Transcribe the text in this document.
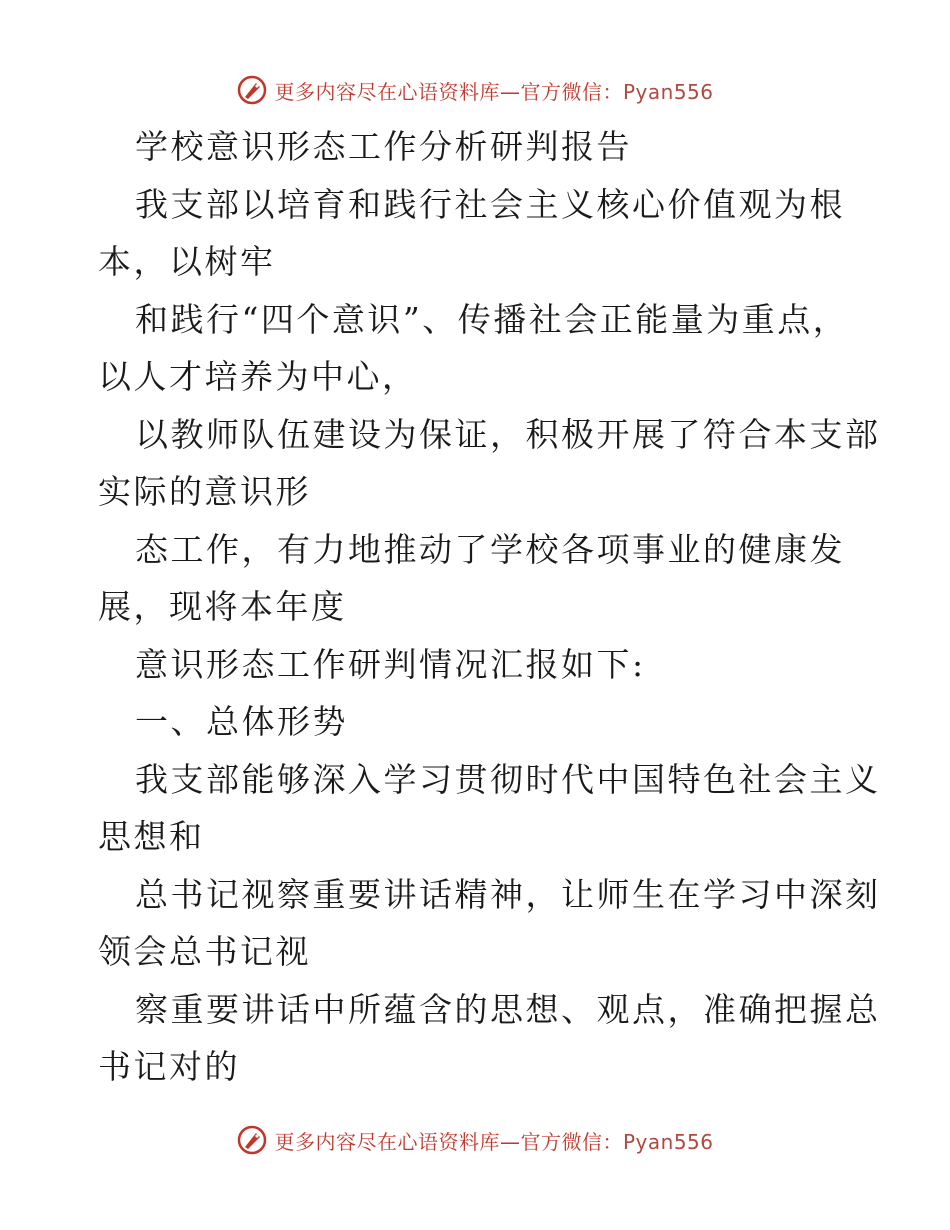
更多内容尽在心语资料库—官方微信：Pyan556
学校意识形态工作分析研判报告
我支部以培育和践行社会主义核心价值观为根
本，以树牢
和践行“四个意识”、传播社会正能量为重点，
以人才培养为中心，
以教师队伍建设为保证，积极开展了符合本支部
实际的意识形
态工作，有力地推动了学校各项事业的健康发
展，现将本年度
意识形态工作研判情况汇报如下:
一、总体形势
我支部能够深入学习贯彻时代中国特色社会主义
思想和
总书记视察重要讲话精神，让师生在学习中深刻
领会总书记视
察重要讲话中所蕴含的思想、观点，准确把握总
书记对的
更多内容尽在心语资料库—官方微信：Pyan556
